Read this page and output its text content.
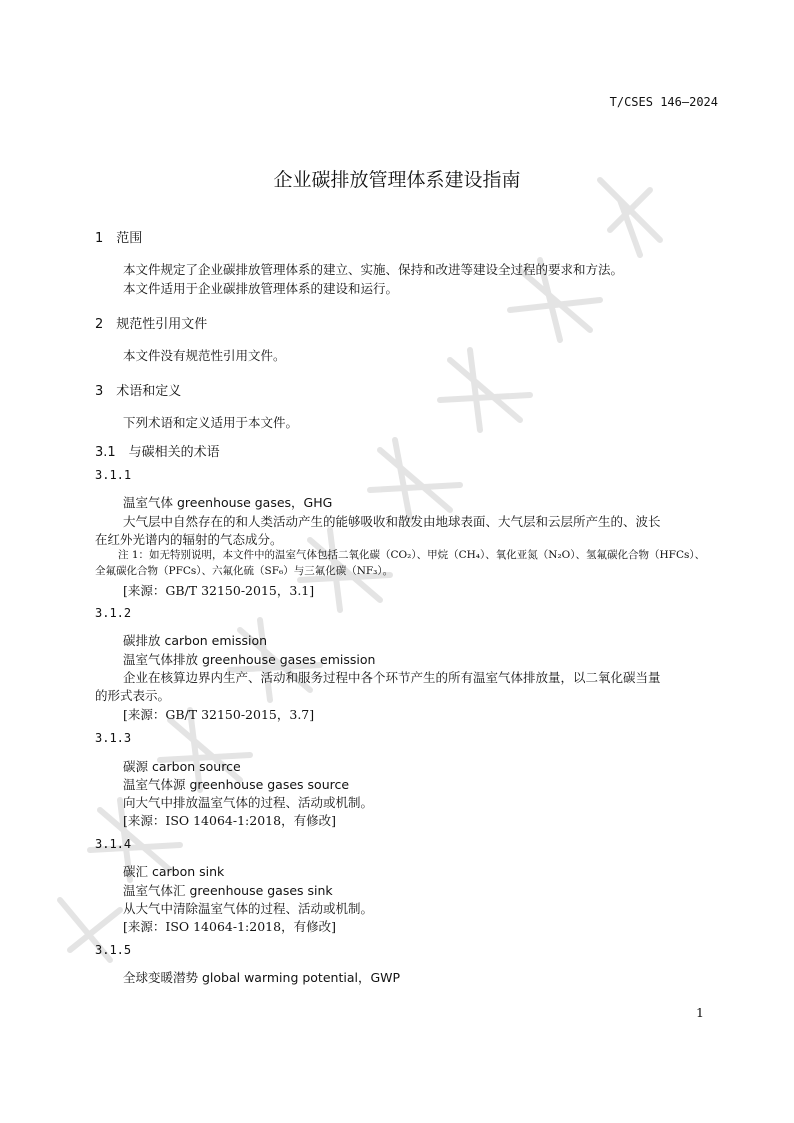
T/CSES 146—2024
企业碳排放管理体系建设指南
1　范围
本文件规定了企业碳排放管理体系的建立、实施、保持和改进等建设全过程的要求和方法。
本文件适用于企业碳排放管理体系的建设和运行。
2　规范性引用文件
本文件没有规范性引用文件。
3　术语和定义
下列术语和定义适用于本文件。
3.1　与碳相关的术语
3.1.1
温室气体 greenhouse gases，GHG
大气层中自然存在的和人类活动产生的能够吸收和散发由地球表面、大气层和云层所产生的、波长
在红外光谱内的辐射的气态成分。
注 1：如无特别说明，本文件中的温室气体包括二氧化碳（CO₂）、甲烷（CH₄）、氧化亚氮（N₂O）、氢氟碳化合物（HFCs）、
全氟碳化合物（PFCs）、六氟化硫（SF₆）与三氟化碳（NF₃）。
[来源：GB/T 32150-2015，3.1]
3.1.2
碳排放 carbon emission
温室气体排放 greenhouse gases emission
企业在核算边界内生产、活动和服务过程中各个环节产生的所有温室气体排放量，以二氧化碳当量
的形式表示。
[来源：GB/T 32150-2015，3.7]
3.1.3
碳源 carbon source
温室气体源 greenhouse gases source
向大气中排放温室气体的过程、活动或机制。
[来源：ISO 14064-1:2018，有修改]
3.1.4
碳汇 carbon sink
温室气体汇 greenhouse gases sink
从大气中清除温室气体的过程、活动或机制。
[来源：ISO 14064-1:2018，有修改]
3.1.5
全球变暖潜势 global warming potential，GWP
1
